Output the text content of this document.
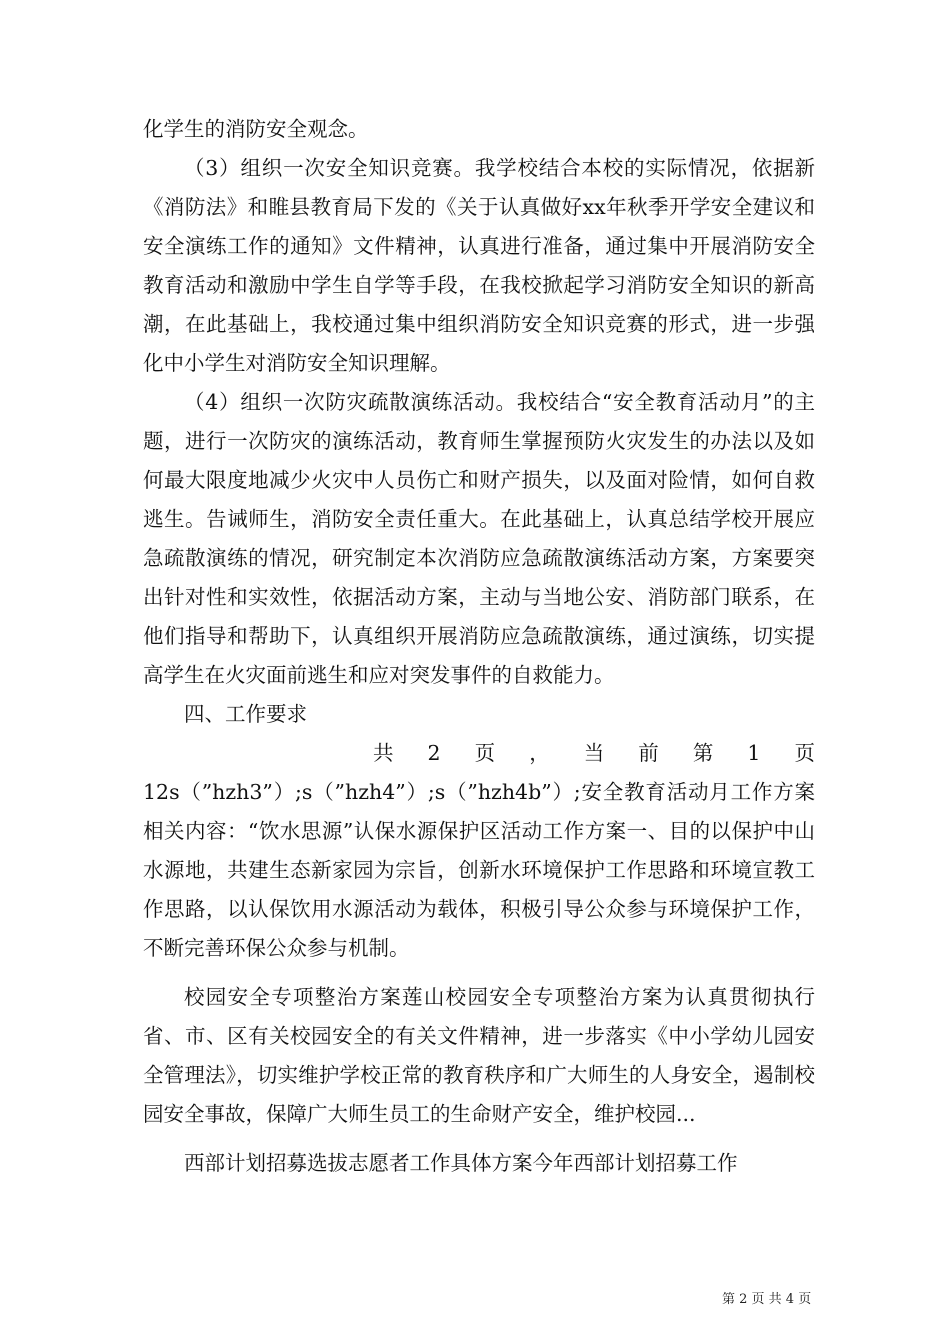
化学生的消防安全观念。

（3）组织一次安全知识竞赛。我学校结合本校的实际情况，依据新《消防法》和睢县教育局下发的《关于认真做好xx年秋季开学安全建议和安全演练工作的通知》文件精神，认真进行准备，通过集中开展消防安全教育活动和激励中学生自学等手段，在我校掀起学习消防安全知识的新高潮，在此基础上，我校通过集中组织消防安全知识竞赛的形式，进一步强化中小学生对消防安全知识理解。

（4）组织一次防灾疏散演练活动。我校结合“安全教育活动月”的主题，进行一次防灾的演练活动，教育师生掌握预防火灾发生的办法以及如何最大限度地减少火灾中人员伤亡和财产损失，以及面对险情，如何自救逃生。告诫师生，消防安全责任重大。在此基础上，认真总结学校开展应急疏散演练的情况，研究制定本次消防应急疏散演练活动方案，方案要突出针对性和实效性，依据活动方案，主动与当地公安、消防部门联系，在他们指导和帮助下，认真组织开展消防应急疏散演练，通过演练，切实提高学生在火灾面前逃生和应对突发事件的自救能力。

四、工作要求

共 2 页 ， 当 前 第 1 页

12s（”hzh3”）;s（”hzh4”）;s（”hzh4b”）;安全教育活动月工作方案相关内容：“饮水思源”认保水源保护区活动工作方案一、目的以保护中山水源地，共建生态新家园为宗旨，创新水环境保护工作思路和环境宣教工作思路，以认保饮用水源活动为载体，积极引导公众参与环境保护工作，不断完善环保公众参与机制。

校园安全专项整治方案莲山校园安全专项整治方案为认真贯彻执行省、市、区有关校园安全的有关文件精神，进一步落实《中小学幼儿园安全管理法》，切实维护学校正常的教育秩序和广大师生的人身安全，遏制校园安全事故，保障广大师生员工的生命财产安全，维护校园...

西部计划招募选拔志愿者工作具体方案今年西部计划招募工作

第 2 页 共 4 页
